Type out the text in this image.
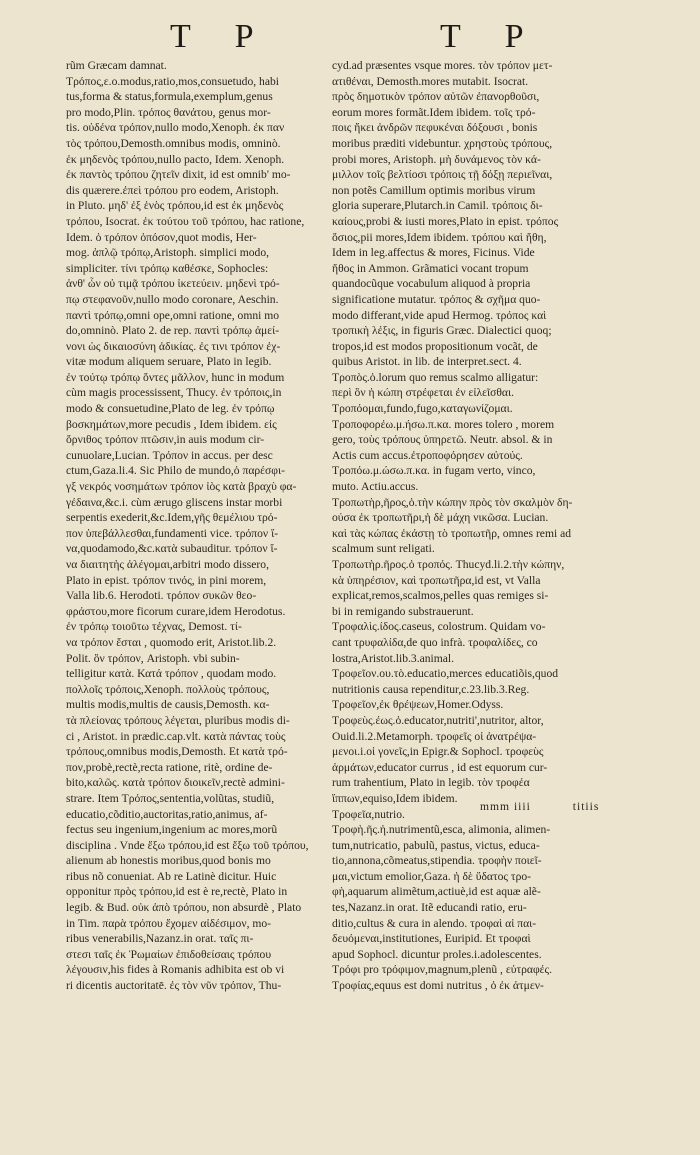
T P	T P
rũm Græcam damnat.
Τρόπος,ε.ο.modus,ratio,mos,consuetudo, habi
tus,forma & status,formula,exemplum,genus
pro modo,Plin. τρόπος θανάτου, genus mor-
tis. οὐδένα τρόπον,nullo modo,Xenoph. ἐκ παν
τὸς τρόπου,Demosth.omnibus modis, omninò.
ἐκ μηδενὸς τρόπου,nullo pacto, Idem. Xenoph.
ἐκ παντὸς τρόπου ζητεῖν dixit, id est omnib' mo-
dis quærere.ἐπεὶ τρόπου pro eodem, Aristoph.
in Pluto. μηδ' ἐξ ἑνὸς τρόπου,id est ἐκ μηδενὸς
τρόπου, Isocrat. ἐκ τούτου τοῦ τρόπου, hac ratione,
Idem. ὁ τρόπον ὁπόσον,quot modis, Her-
mog. ἁπλῷ τρόπῳ,Aristoph. simplici modo,
simpliciter. τίνι τρόπῳ καθέσκε, Sophocles:
ἀνθ' ὧν οὐ τιμᾷ τρόπου ἱκετεύειν. μηδενὶ τρό-
πῳ στεφανοῦν,nullo modo coronare, Aeschin.
παντὶ τρόπῳ,omni ope,omni ratione, omni mo
do,omninò. Plato 2. de rep. παντὶ τρόπῳ ἀμεί-
νονι ὡς δικαιοσύνη ἀδικίας. ἐς τινι τρόπον ἐχ-
vitæ modum aliquem seruare, Plato in legib.
ἐν τούτῳ τρόπῳ ὄντες μᾶλλον, hunc in modum
cùm magis processissent, Thucy. ἐν τρόποις,in
modo & consuetudine,Plato de leg. ἐν τρόπῳ
βοσκημάτων,more pecudis , Idem ibidem. εἰς
ὄρνιθος τρόπον πτῶσιν,in auis modum cir-
cunuolare,Lucian. Τρόπον in accus. per desc
ctum,Gaza.li.4. Sic Philo de mundo,ὁ παρέσφι-
γξ νεκρός νοσημάτων τρόπον ἰὸς κατὰ βραχὺ φα-
γέδαινα,&c.i. cùm ærugo gliscens instar morbi
serpentis exederit,&c.Idem,γῆς θεμέλιου τρό-
πον ὑπεβάλλεσθαι,fundamenti vice. τρόπον ἴ-
να,quodamodo,&c.κατὰ subauditur. τρόπον ἴ-
να διαιτητὴς ἀλέγομαι,arbitri modo dissero,
Plato in epist. τρόπον τινός, in pini morem,
Valla lib.6. Herodoti. τρόπον συκῶν θεο-
φράστου,more ficorum curare,idem Herodotus.
ἐν τρόπῳ τοιοῦτω τέχνας, Demost. τί-
να τρόπον ἔσται , quomodo erit, Aristot.lib.2.
Polit. ὃν τρόπον, Aristoph. vbi subin-
telligitur κατὰ. Κατά τρόπον , quodam modo.
πολλοῖς τρόποις,Xenoph. πολλοὺς τρόπους,
multis modis,multis de causis,Demosth. κα-
τὰ πλείονας τρόπους λέγεται, pluribus modis di-
ci , Aristot. in prædic.cap.vlt. κατὰ πάντας τοὺς
τρόπους,omnibus modis,Demosth. Et κατὰ τρό-
πον,probè,rectè,recta ratione, ritè, ordine de-
bito,καλῶς. κατὰ τρόπον διοικεῖν,rectè admini-
strare. Item Τρόπος,sententia,volũtas, studiũ,
educatio,cõditio,auctoritas,ratio,animus, af-
fectus seu ingenium,ingenium ac mores,morũ
disciplina . Vnde ἔξω τρόπου,id est ἔξω τοῦ τρόπου,
alienum ab honestis moribus,quod bonis mo
ribus nõ conueniat. Ab re Latinè dicitur. Huic
opponitur πρὸς τρόπου,id est è re,rectè, Plato in
legib. & Bud. οὐκ ἀπὸ τρόπου, non absurdè , Plato
in Tim. παρὰ τρόπου ἔχομεν αἰδέσιμον, mo-
ribus venerabilis,Nazanz.in orat. ταῖς πι-
στεσι ταῖς ἐκ Ῥωμαίων ἐπιδοθείσαις τρόπου
λέγουσιν,his fides à Romanis adhibita est ob vi
ri dicentis auctoritatē. ἐς τὸν νῦν τρόπον, Thu-
cyd.ad præsentes vsque mores. τὸν τρόπον μετ-
ατιθέναι, Demosth.mores mutabit. Isocrat.
πρὸς δημοτικὸν τρόπον αὐτῶν ἐπανορθοῦσι,
eorum mores formãt.Idem ibidem. τοῖς τρό-
ποις ἥκει ἀνδρῶν πεφυκέναι δόξουσι , bonis
moribus præditi videbuntur. χρηστοὺς τρόπους,
probi mores, Aristoph. μὴ δυνάμενος τὸν κά-
μιλλον τοῖς βελτίοσι τρόποις τῇ δόξῃ περιεῖναι,
non potẽs Camillum optimis moribus virum
gloria superare,Plutarch.in Camil. τρόποις δι-
καίους,probi & iusti mores,Plato in epist. τρόπος
ὅσιος,pii mores,Idem ibidem. τρόπου καὶ ἤθη,
Idem in leg.affectus & mores, Ficinus. Vide
ἤθος in Ammon. Grãmatici vocant tropum
quandocũque vocabulum aliquod à propria
significatione mutatur. τρόπος & σχῆμα quo-
modo differant,vide apud Hermog. τρόπος καὶ
τροπικὴ λέξις, in figuris Græc. Dialectici quoq;
tropos,id est modos propositionum vocãt, de
quibus Aristot. in lib. de interpret.sect. 4.
Τροπὸς.ὁ.lorum quo remus scalmo alligatur:
περὶ ὃν ἡ κώπη στρέφεται ἐν εἰλεῖσθαι.
Τροπόομαι,fundo,fugo,καταγωνίζομαι.
Τροποφορέω.μ.ήσω.π.κα. mores tolero , morem
gero, τοὺς τρόπους ὑπηρετῶ. Neutr. absol. & in
Actis cum accus.ἐτροποφόρησεν αὐτούς.
Τροπόω.μ.ώσω.π.κα. in fugam verto, vinco,
muto. Actiu.accus.
Τροπωτὴρ,ῆρος,ὁ.τὴν κώπην πρὸς τὸν σκαλμὸν δη-
ούσα ἐκ τροπωτῆρι,ἡ δὲ μάχη νικῶσα. Lucian.
καὶ τὰς κώπας ἐκάστῃ τὸ τροπωτῆρ, omnes remi ad
scalmum sunt religati.
Τροπωτὴρ.ῆρος.ὁ τροπός. Thucyd.li.2.τὴν κώπην,
κὰ ὑπηρέσιον, καὶ τροπωτῆρα,id est, vt Valla
explicat,remos,scalmos,pelles quas remiges si-
bi in remigando substrauerunt.
Τροφαλὶς.ίδος.caseus, colostrum. Quidam vo-
cant τρυφαλίδα,de quo infrà. τροφαλίδες, co
lostra,Aristot.lib.3.animal.
Τροφεῖον.ου.τὸ.educatio,merces educatiõis,quod
nutritionis causa rependitur,c.23.lib.3.Reg.
Τροφεῖον,ἐκ θρέψεων,Homer.Odyss.
Τροφεὺς.έως.ὁ.educator,nutriti',nutritor, altor,
Ouid.li.2.Metamorph. τροφεῖς οἱ ἀνατρέψα-
μενοι.i.οἱ γονεῖς,in Epigr.& Sophocl. τροφεὺς
ἁρμάτων,educator currus , id est equorum cur-
rum trahentium, Plato in legib. τὸν τροφέα
ἵππων,equiso,Idem ibidem.
Τροφεῖα,nutrio.
Τροφὴ.ῆς.ἡ.nutrimentũ,esca, alimonia, alimen-
tum,nutricatio, pabulũ, pastus, victus, educa-
tio,annona,cõmeatus,stipendia. τροφὴν ποιεῖ-
μαι,victum emolior,Gaza. ἡ δὲ ὕδατος τρο-
φὴ,aquarum alimẽtum,actiuè,id est aquæ alẽ-
tes,Nazanz.in orat. Itẽ educandi ratio, eru-
ditio,cultus & cura in alendo. τροφαὶ αἱ παι-
δευόμεναι,institutiones, Euripid. Et τροφαὶ
apud Sophocl. dicuntur proles.i.adolescentes.
Τρόφι pro τρόφιμον,magnum,plenũ , εὐτραφές.
Τροφίας,equus est domi nutritus , ὁ ἐκ ἀτμεν-
mmm iiii	titiis
